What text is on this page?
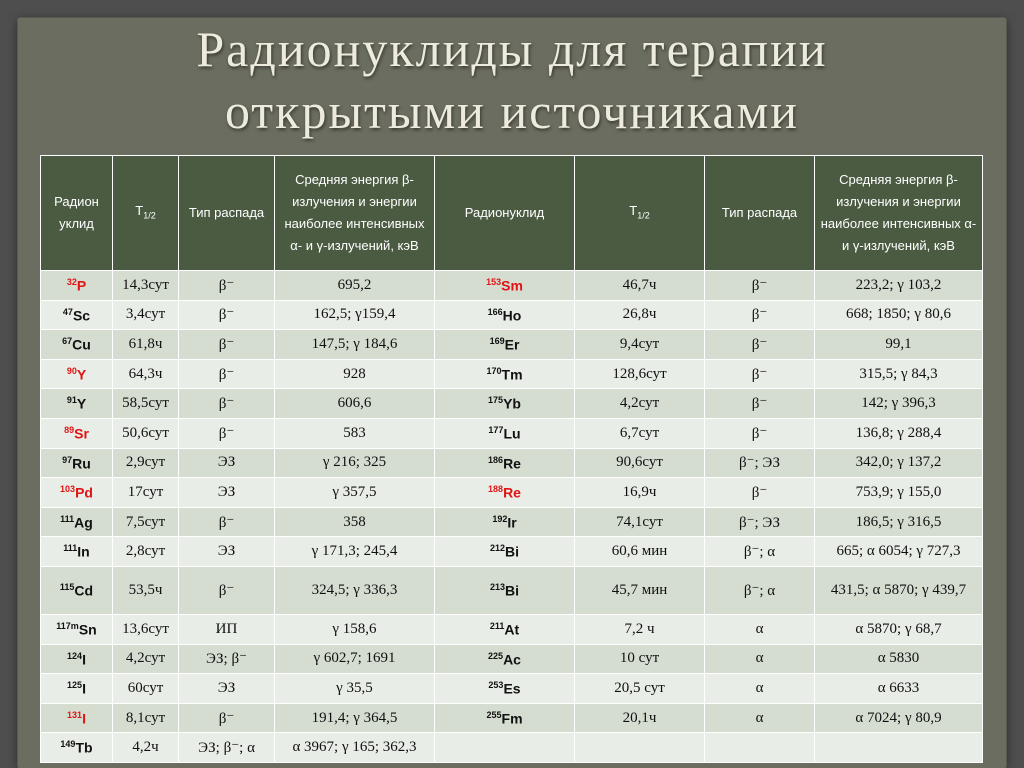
Радионуклиды для терапии
открытыми источниками
Радион уклид	$T_{1/2}$	Тип распада	Средняя энергия β-излучения и энергии наиболее интенсивных α- и γ-излучений, кэВ	Радионуклид	$T_{1/2}$	Тип распада	Средняя энергия β-излучения и энергии наиболее интенсивных α- и γ-излучений, кэВ
$^{32}$P	14,3сут	β⁻	695,2	$^{153}$Sm	46,7ч	β⁻	223,2; γ 103,2
$^{47}$Sc	3,4сут	β⁻	162,5; γ159,4	$^{166}$Ho	26,8ч	β⁻	668; 1850; γ 80,6
$^{67}$Cu	61,8ч	β⁻	147,5; γ 184,6	$^{169}$Er	9,4сут	β⁻	99,1
$^{90}$Y	64,3ч	β⁻	928	$^{170}$Tm	128,6сут	β⁻	315,5; γ 84,3
$^{91}$Y	58,5сут	β⁻	606,6	$^{175}$Yb	4,2сут	β⁻	142; γ 396,3
$^{89}$Sr	50,6сут	β⁻	583	$^{177}$Lu	6,7сут	β⁻	136,8; γ 288,4
$^{97}$Ru	2,9сут	ЭЗ	γ 216; 325	$^{186}$Re	90,6сут	β⁻; ЭЗ	342,0; γ 137,2
$^{103}$Pd	17сут	ЭЗ	γ 357,5	$^{188}$Re	16,9ч	β⁻	753,9; γ 155,0
$^{111}$Ag	7,5сут	β⁻	358	$^{192}$Ir	74,1сут	β⁻; ЭЗ	186,5; γ 316,5
$^{111}$In	2,8сут	ЭЗ	γ 171,3; 245,4	$^{212}$Bi	60,6 мин	β⁻; α	665; α 6054; γ 727,3
$^{115}$Cd	53,5ч	β⁻	324,5; γ 336,3	$^{213}$Bi	45,7 мин	β⁻; α	431,5; α 5870; γ 439,7
$^{117m}$Sn	13,6сут	ИП	γ 158,6	$^{211}$At	7,2 ч	α	α 5870; γ 68,7
$^{124}$I	4,2сут	ЭЗ; β⁻	γ 602,7; 1691	$^{225}$Ac	10 сут	α	α 5830
$^{125}$I	60сут	ЭЗ	γ 35,5	$^{253}$Es	20,5 сут	α	α 6633
$^{131}$I	8,1сут	β⁻	191,4; γ 364,5	$^{255}$Fm	20,1ч	α	α 7024; γ 80,9
$^{149}$Tb	4,2ч	ЭЗ; β⁻; α	α 3967; γ 165; 362,3				
